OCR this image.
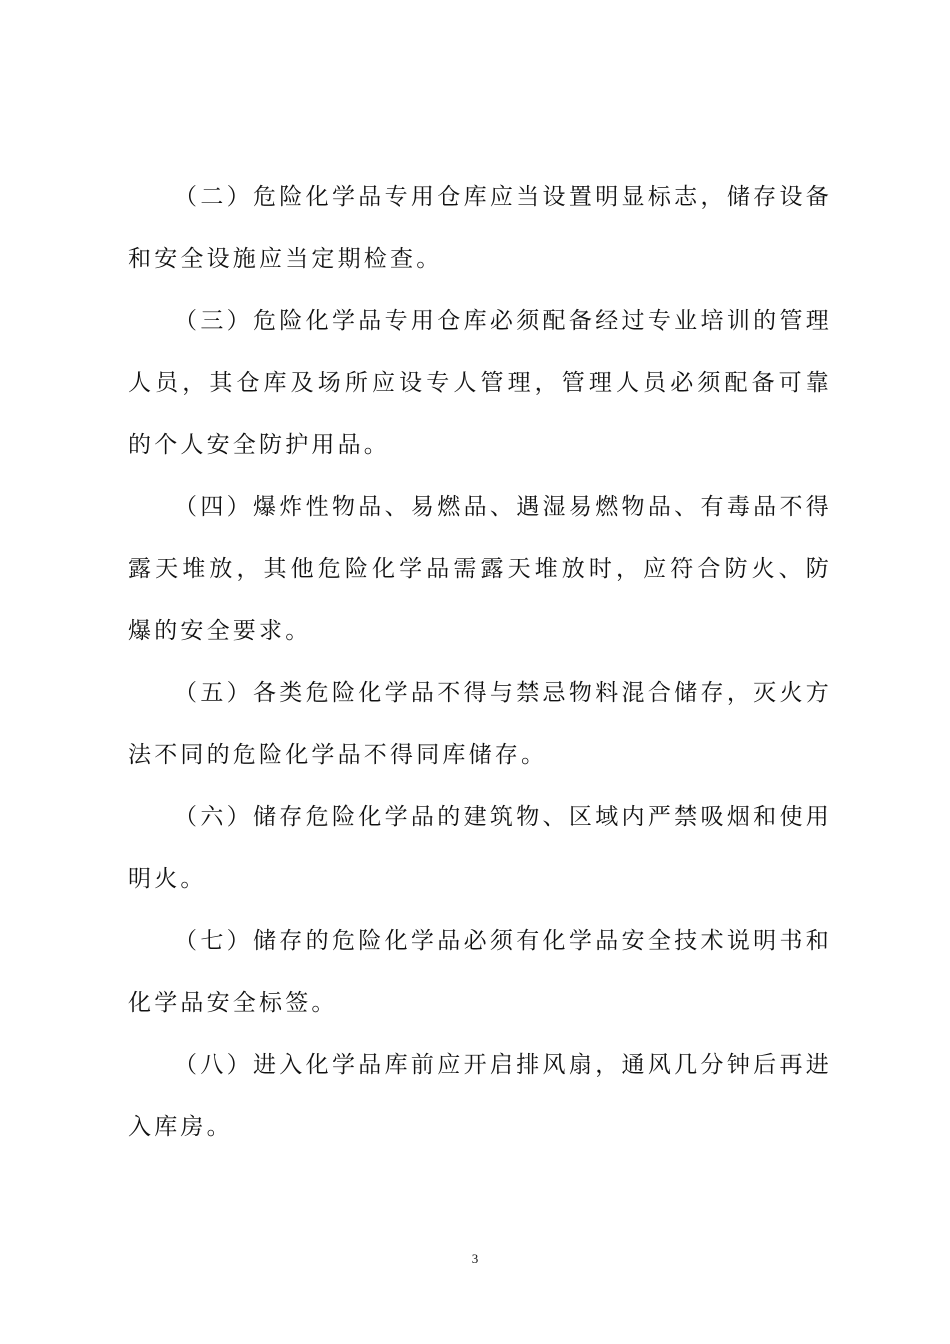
（二）危险化学品专用仓库应当设置明显标志，储存设备和安全设施应当定期检查。

（三）危险化学品专用仓库必须配备经过专业培训的管理人员，其仓库及场所应设专人管理，管理人员必须配备可靠的个人安全防护用品。

（四）爆炸性物品、易燃品、遇湿易燃物品、有毒品不得露天堆放，其他危险化学品需露天堆放时，应符合防火、防爆的安全要求。

（五）各类危险化学品不得与禁忌物料混合储存，灭火方法不同的危险化学品不得同库储存。

（六）储存危险化学品的建筑物、区域内严禁吸烟和使用明火。

（七）储存的危险化学品必须有化学品安全技术说明书和化学品安全标签。

（八）进入化学品库前应开启排风扇，通风几分钟后再进入库房。

3
